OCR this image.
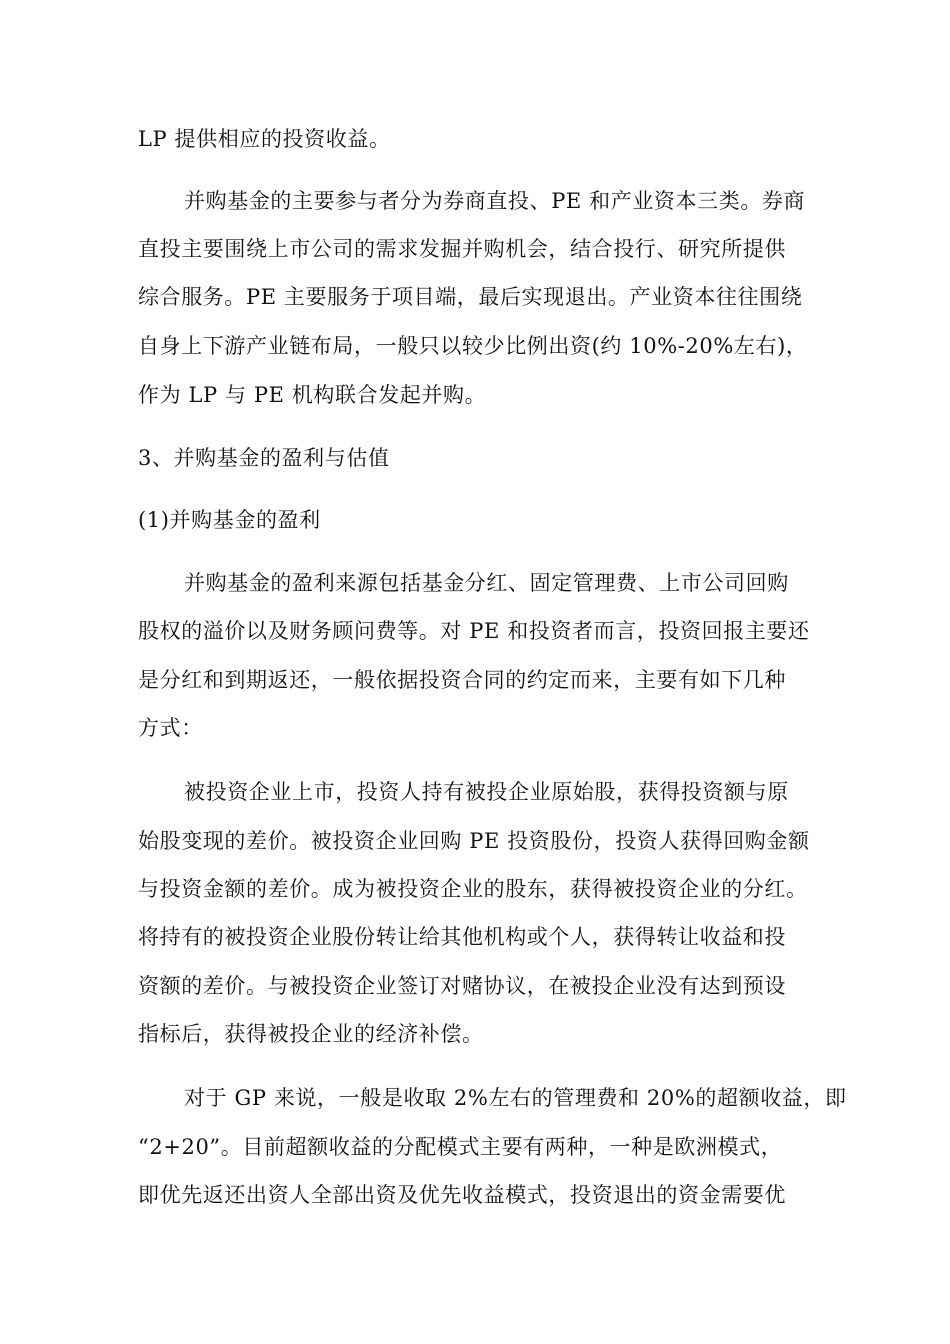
LP 提供相应的投资收益。
并购基金的主要参与者分为券商直投、PE 和产业资本三类。券商
直投主要围绕上市公司的需求发掘并购机会，结合投行、研究所提供
综合服务。PE 主要服务于项目端，最后实现退出。产业资本往往围绕
自身上下游产业链布局，一般只以较少比例出资(约 10%-20%左右)，
作为 LP 与 PE 机构联合发起并购。
3、并购基金的盈利与估值
(1)并购基金的盈利
并购基金的盈利来源包括基金分红、固定管理费、上市公司回购
股权的溢价以及财务顾问费等。对 PE 和投资者而言，投资回报主要还
是分红和到期返还，一般依据投资合同的约定而来，主要有如下几种
方式：
被投资企业上市，投资人持有被投企业原始股，获得投资额与原
始股变现的差价。被投资企业回购 PE 投资股份，投资人获得回购金额
与投资金额的差价。成为被投资企业的股东，获得被投资企业的分红。
将持有的被投资企业股份转让给其他机构或个人，获得转让收益和投
资额的差价。与被投资企业签订对赌协议，在被投企业没有达到预设
指标后，获得被投企业的经济补偿。
对于 GP 来说，一般是收取 2%左右的管理费和 20%的超额收益，即
“2+20”。目前超额收益的分配模式主要有两种，一种是欧洲模式，
即优先返还出资人全部出资及优先收益模式，投资退出的资金需要优
